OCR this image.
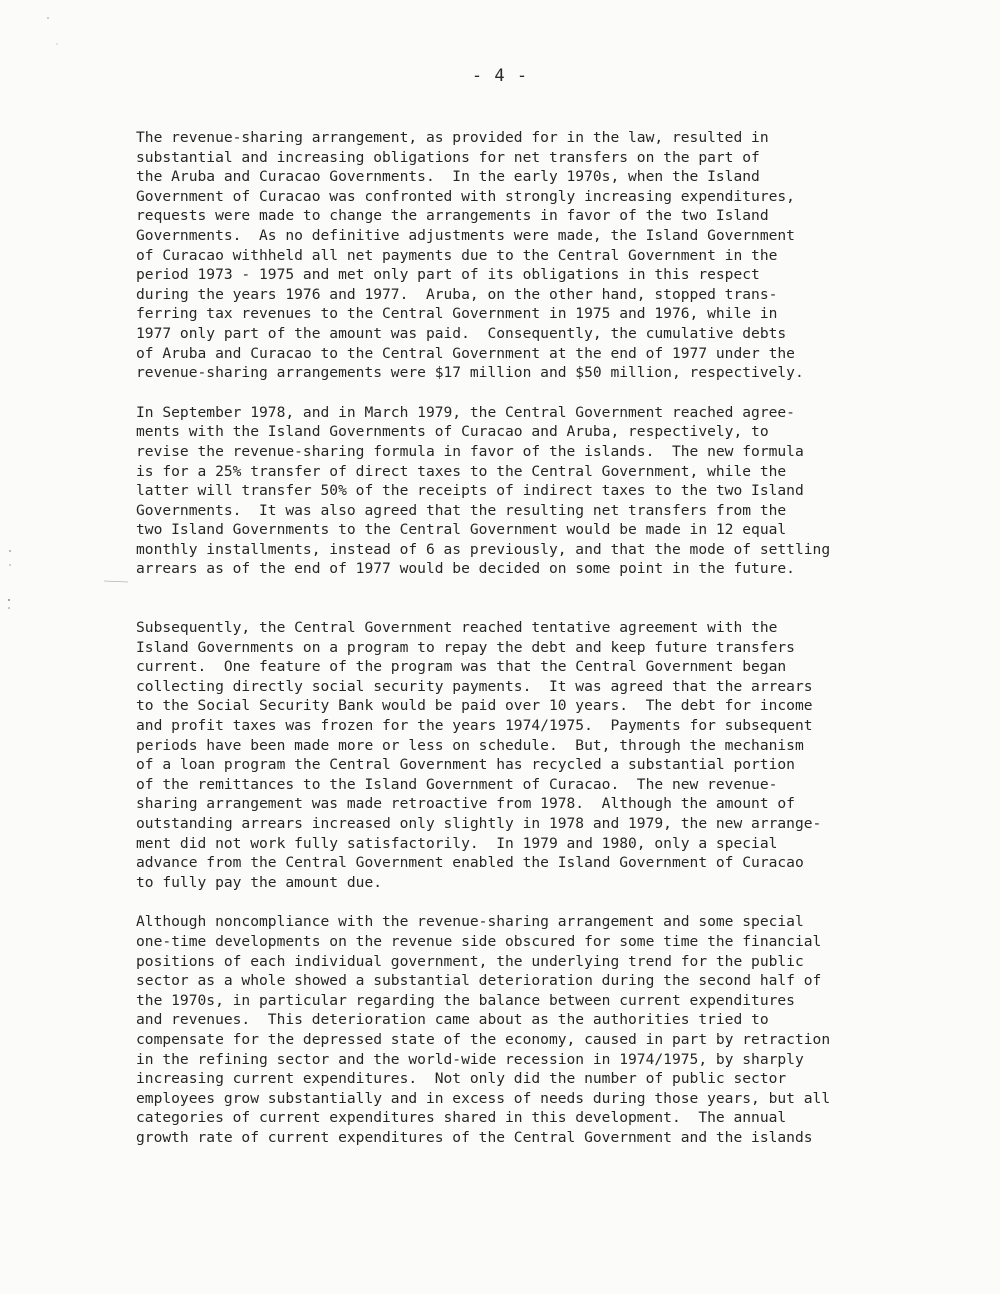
- 4 -
The revenue-sharing arrangement, as provided for in the law, resulted in
substantial and increasing obligations for net transfers on the part of
the Aruba and Curacao Governments.  In the early 1970s, when the Island
Government of Curacao was confronted with strongly increasing expenditures,
requests were made to change the arrangements in favor of the two Island
Governments.  As no definitive adjustments were made, the Island Government
of Curacao withheld all net payments due to the Central Government in the
period 1973 - 1975 and met only part of its obligations in this respect
during the years 1976 and 1977.  Aruba, on the other hand, stopped trans-
ferring tax revenues to the Central Government in 1975 and 1976, while in
1977 only part of the amount was paid.  Consequently, the cumulative debts
of Aruba and Curacao to the Central Government at the end of 1977 under the
revenue-sharing arrangements were $17 million and $50 million, respectively.
In September 1978, and in March 1979, the Central Government reached agree-
ments with the Island Governments of Curacao and Aruba, respectively, to
revise the revenue-sharing formula in favor of the islands.  The new formula
is for a 25% transfer of direct taxes to the Central Government, while the
latter will transfer 50% of the receipts of indirect taxes to the two Island
Governments.  It was also agreed that the resulting net transfers from the
two Island Governments to the Central Government would be made in 12 equal
monthly installments, instead of 6 as previously, and that the mode of settling
arrears as of the end of 1977 would be decided on some point in the future.
Subsequently, the Central Government reached tentative agreement with the
Island Governments on a program to repay the debt and keep future transfers
current.  One feature of the program was that the Central Government began
collecting directly social security payments.  It was agreed that the arrears
to the Social Security Bank would be paid over 10 years.  The debt for income
and profit taxes was frozen for the years 1974/1975.  Payments for subsequent
periods have been made more or less on schedule.  But, through the mechanism
of a loan program the Central Government has recycled a substantial portion
of the remittances to the Island Government of Curacao.  The new revenue-
sharing arrangement was made retroactive from 1978.  Although the amount of
outstanding arrears increased only slightly in 1978 and 1979, the new arrange-
ment did not work fully satisfactorily.  In 1979 and 1980, only a special
advance from the Central Government enabled the Island Government of Curacao
to fully pay the amount due.
Although noncompliance with the revenue-sharing arrangement and some special
one-time developments on the revenue side obscured for some time the financial
positions of each individual government, the underlying trend for the public
sector as a whole showed a substantial deterioration during the second half of
the 1970s, in particular regarding the balance between current expenditures
and revenues.  This deterioration came about as the authorities tried to
compensate for the depressed state of the economy, caused in part by retraction
in the refining sector and the world-wide recession in 1974/1975, by sharply
increasing current expenditures.  Not only did the number of public sector
employees grow substantially and in excess of needs during those years, but all
categories of current expenditures shared in this development.  The annual
growth rate of current expenditures of the Central Government and the islands
